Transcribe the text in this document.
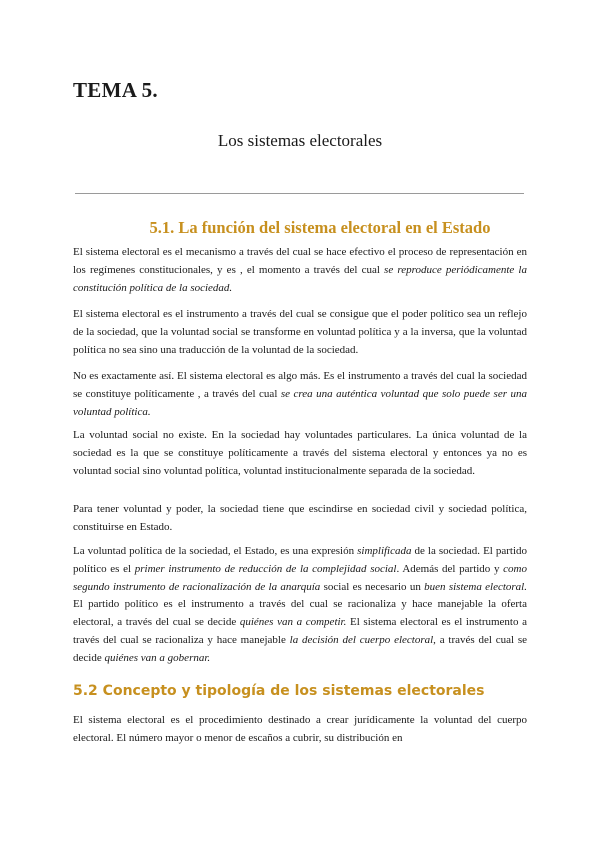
TEMA 5.
Los sistemas electorales
5.1. La función del sistema electoral en el Estado

El sistema electoral es el mecanismo a través del cual se hace efectivo el proceso de representación en los regímenes constitucionales, y es , el momento a través del cual se reproduce periódicamente la constitución política de la sociedad.

El sistema electoral es el instrumento a través del cual se consigue que el poder político sea un reflejo de la sociedad, que la voluntad social se transforme en voluntad política y a la inversa, que la voluntad política no sea sino una traducción de la voluntad de la sociedad.

No es exactamente así. El sistema electoral es algo más. Es el instrumento a través del cual la sociedad se constituye políticamente , a través del cual se crea una auténtica voluntad que solo puede ser una voluntad política.

La voluntad social no existe. En la sociedad hay voluntades particulares. La única voluntad de la sociedad es la que se constituye políticamente a través del sistema electoral y entonces ya no es voluntad social sino voluntad política, voluntad institucionalmente separada de la sociedad.

Para tener voluntad y poder, la sociedad tiene que escindirse en sociedad civil y sociedad política, constituirse en Estado.

La voluntad política de la sociedad, el Estado, es una expresión simplificada de la sociedad. El partido político es el primer instrumento de reducción de la complejidad social. Además del partido y como segundo instrumento de racionalización de la anarquía social es necesario un buen sistema electoral. El partido político es el instrumento a través del cual se racionaliza y hace manejable la oferta electoral, a través del cual se decide quiénes van a competir. El sistema electoral es el instrumento a través del cual se racionaliza y hace manejable la decisión del cuerpo electoral, a través del cual se decide quiénes van a gobernar.

5.2 Concepto y tipología de los sistemas electorales

El sistema electoral es el procedimiento destinado a crear jurídicamente la voluntad del cuerpo electoral. El número mayor o menor de escaños a cubrir, su distribución en
